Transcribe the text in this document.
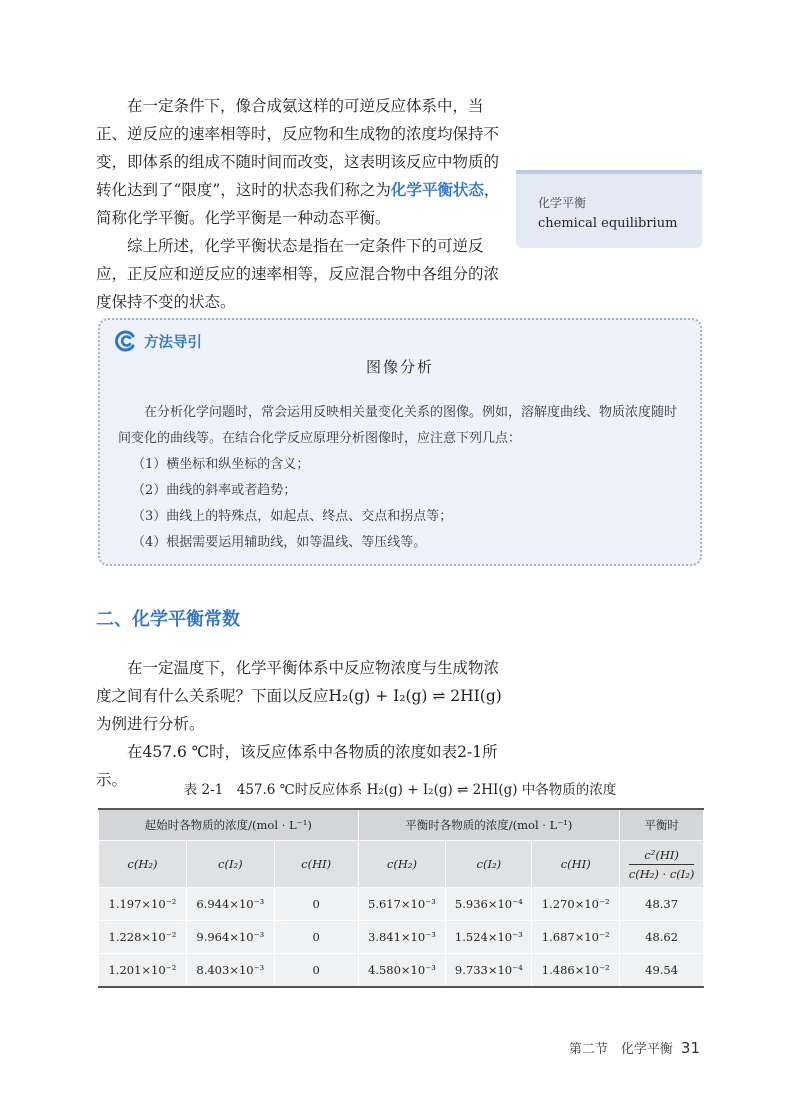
在一定条件下，像合成氨这样的可逆反应体系中，当正、逆反应的速率相等时，反应物和生成物的浓度均保持不变，即体系的组成不随时间而改变，这表明该反应中物质的转化达到了“限度”，这时的状态我们称之为化学平衡状态，简称化学平衡。化学平衡是一种动态平衡。

综上所述，化学平衡状态是指在一定条件下的可逆反应，正反应和逆反应的速率相等，反应混合物中各组分的浓度保持不变的状态。

化学平衡
chemical equilibrium
方法导引
图像分析

在分析化学问题时，常会运用反映相关量变化关系的图像。例如，溶解度曲线、物质浓度随时间变化的曲线等。在结合化学反应原理分析图像时，应注意下列几点：

（1）横坐标和纵坐标的含义；

（2）曲线的斜率或者趋势；

（3）曲线上的特殊点，如起点、终点、交点和拐点等；

（4）根据需要运用辅助线，如等温线、等压线等。

二、化学平衡常数

在一定温度下，化学平衡体系中反应物浓度与生成物浓度之间有什么关系呢？下面以反应H₂(g) + I₂(g) ⇌ 2HI(g)为例进行分析。

在457.6 ℃时，该反应体系中各物质的浓度如表2-1所示。

表 2-1　457.6 ℃时反应体系 H₂(g) + I₂(g) ⇌ 2HI(g) 中各物质的浓度
起始时各物质的浓度/(mol · L⁻¹)			平衡时各物质的浓度/(mol · L⁻¹)			平衡时
c(H₂)	c(I₂)	c(HI)	c(H₂)	c(I₂)	c(HI)	$\frac{\text{c²(HI)}}{\text{c(H₂) · c(I₂)}}$

1.197×10⁻²	6.944×10⁻³	0	5.617×10⁻³	5.936×10⁻⁴	1.270×10⁻²	48.37
1.228×10⁻²	9.964×10⁻³	0	3.841×10⁻³	1.524×10⁻³	1.687×10⁻²	48.62
1.201×10⁻²	8.403×10⁻³	0	4.580×10⁻³	9.733×10⁻⁴	1.486×10⁻²	49.54
第二节　化学平衡 31
